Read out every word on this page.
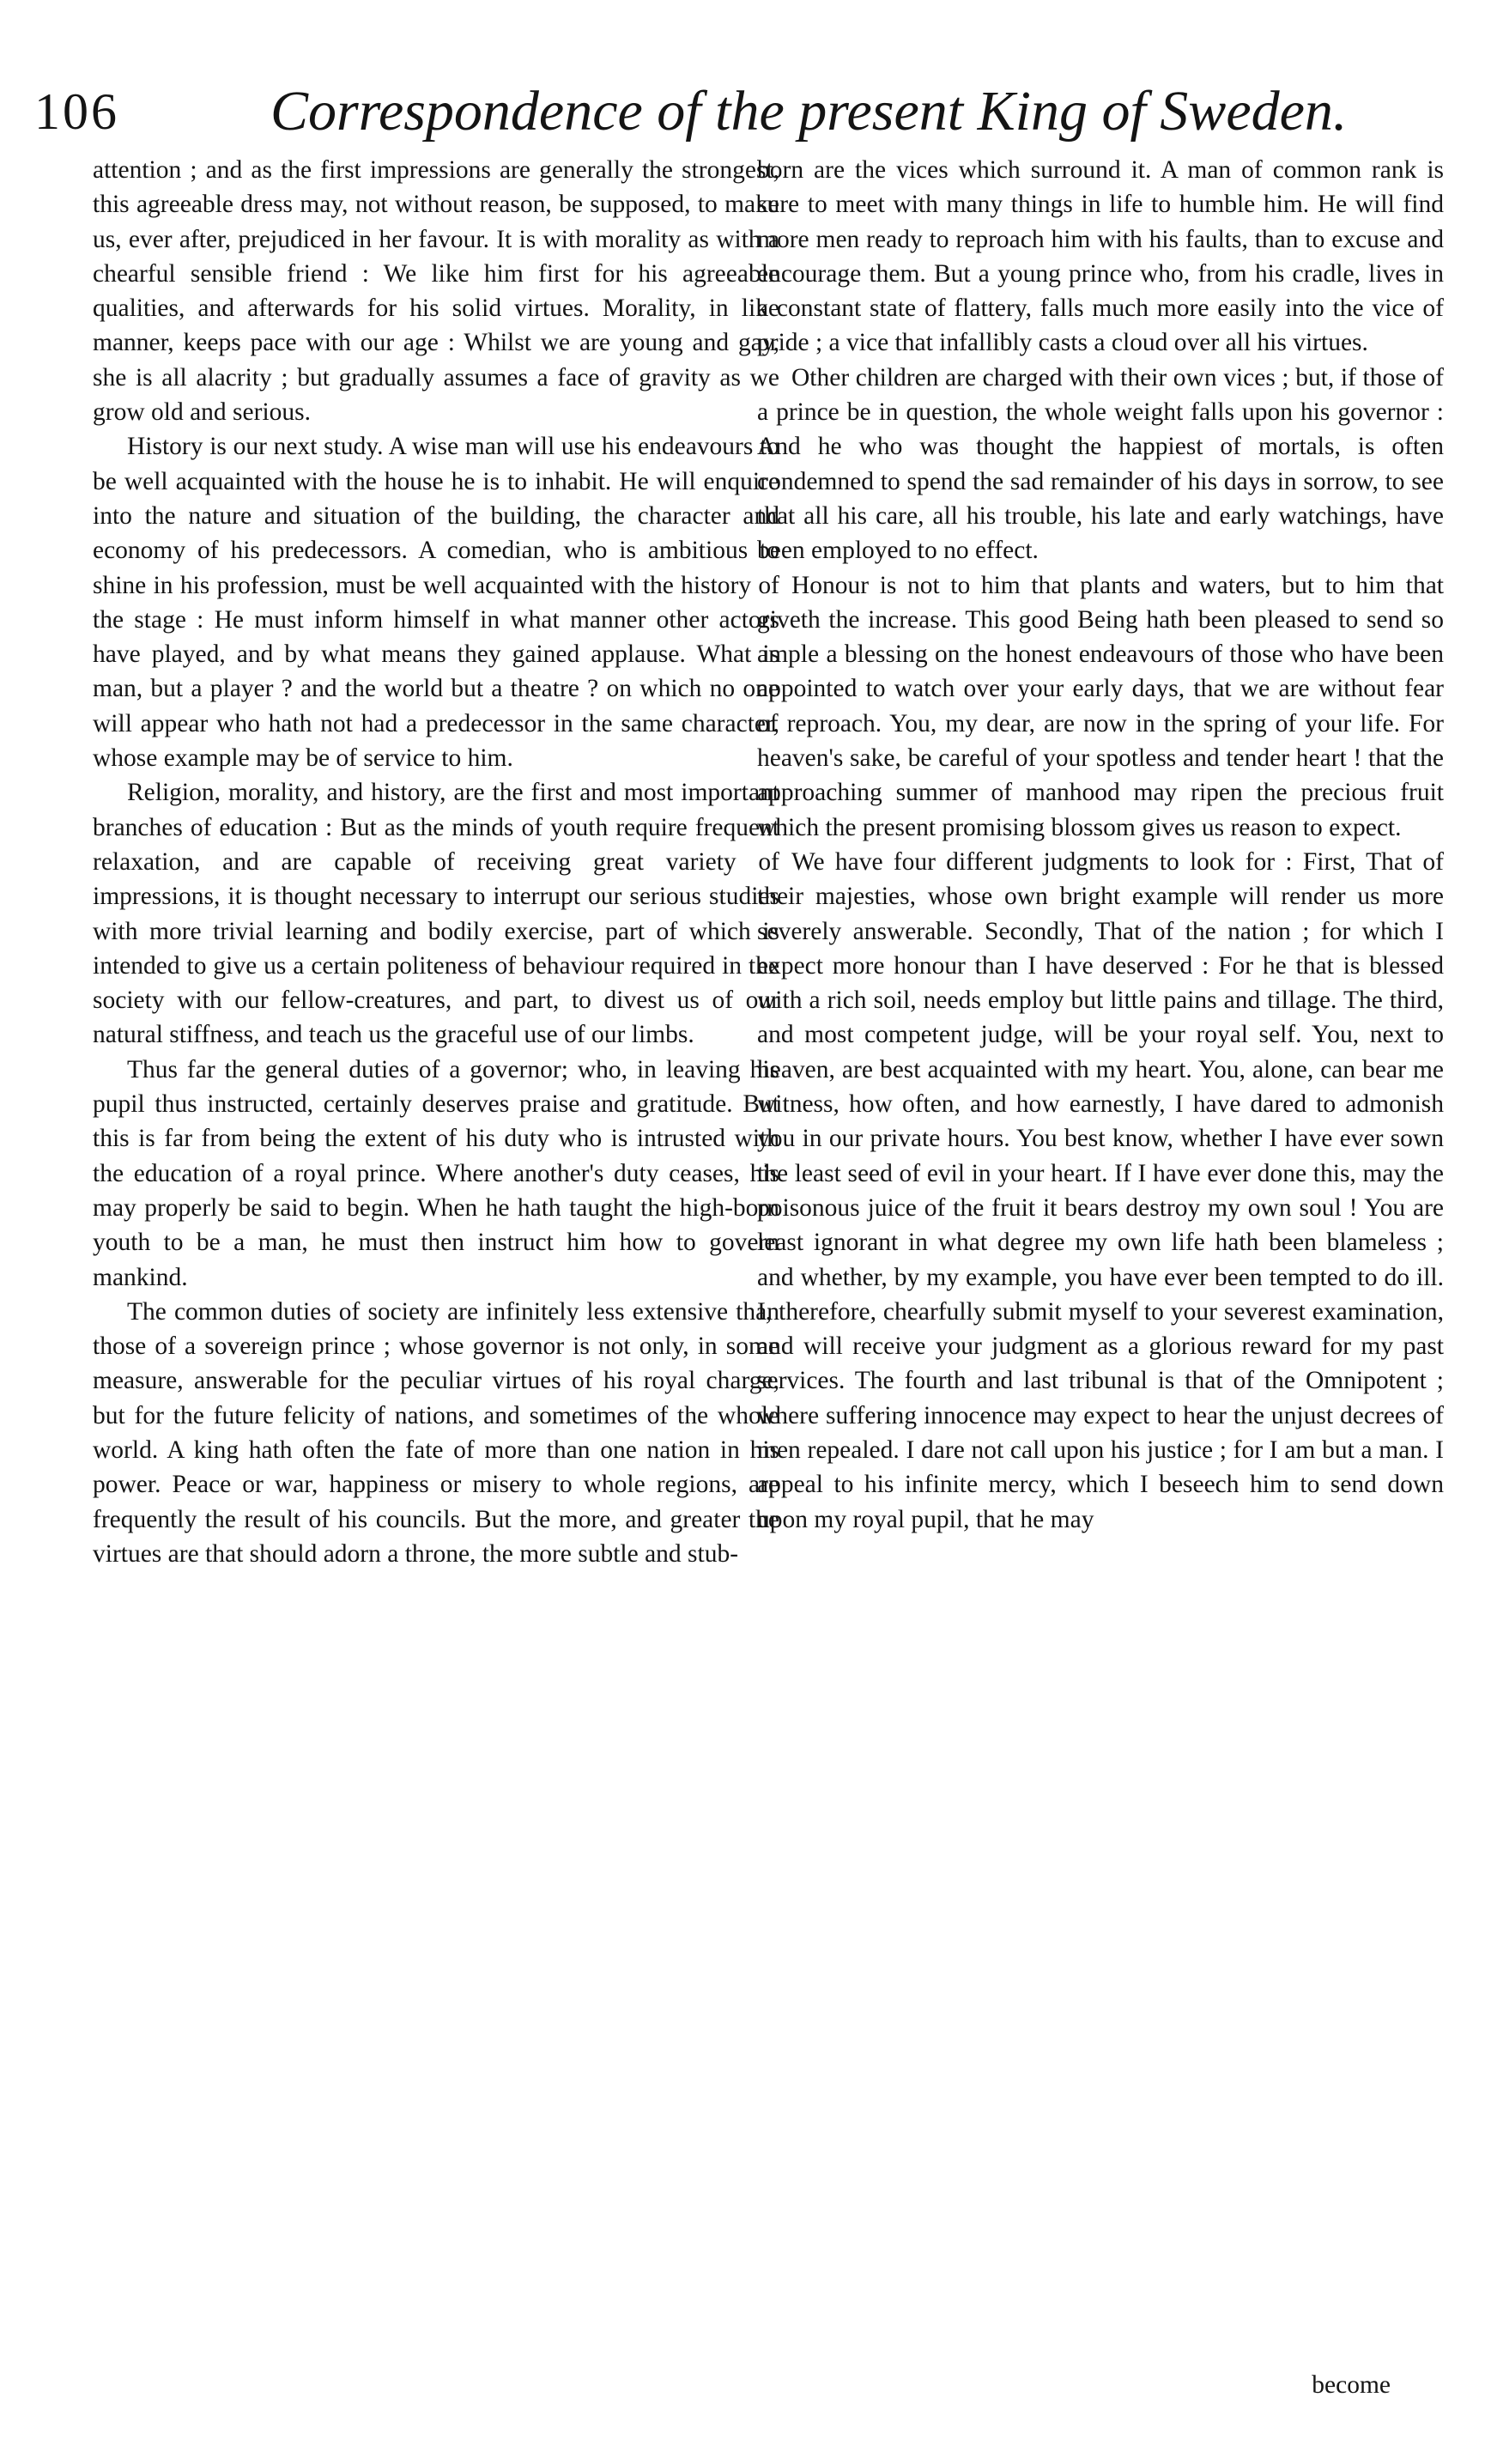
106	Correspondence of the present King of Sweden.

attention ; and as the first impressions are generally the strongest, this agreeable dress may, not without reason, be supposed, to make us, ever after, prejudiced in her favour. It is with morality as with a chearful sensible friend : We like him first for his agreeable qualities, and afterwards for his solid virtues. Morality, in like manner, keeps pace with our age : Whilst we are young and gay, she is all alacrity ; but gradually assumes a face of gravity as we grow old and serious.

History is our next study. A wise man will use his endeavours to be well acquainted with the house he is to inhabit. He will enquire into the nature and situation of the building, the character and economy of his predecessors. A comedian, who is ambitious to shine in his profession, must be well acquainted with the history of the stage : He must inform himself in what manner other actors have played, and by what means they gained applause. What is man, but a player ? and the world but a theatre ? on which no one will appear who hath not had a predecessor in the same character, whose example may be of service to him.

Religion, morality, and history, are the first and most important branches of education : But as the minds of youth require frequent relaxation, and are capable of receiving great variety of impressions, it is thought necessary to interrupt our serious studies with more trivial learning and bodily exercise, part of which is intended to give us a certain politeness of behaviour required in the society with our fellow-creatures, and part, to divest us of our natural stiffness, and teach us the graceful use of our limbs.

Thus far the general duties of a governor; who, in leaving his pupil thus instructed, certainly deserves praise and gratitude. But this is far from being the extent of his duty who is intrusted with the education of a royal prince. Where another's duty ceases, his may properly be said to begin. When he hath taught the high-born youth to be a man, he must then instruct him how to govern mankind.

The common duties of society are infinitely less extensive than those of a sovereign prince ; whose governor is not only, in some measure, answerable for the peculiar virtues of his royal charge, but for the future felicity of nations, and sometimes of the whole world. A king hath often the fate of more than one nation in his power. Peace or war, happiness or misery to whole regions, are frequently the result of his councils. But the more, and greater the virtues are that should adorn a throne, the more subtle and stub-

born are the vices which surround it. A man of common rank is sure to meet with many things in life to humble him. He will find more men ready to reproach him with his faults, than to excuse and encourage them. But a young prince who, from his cradle, lives in a constant state of flattery, falls much more easily into the vice of pride ; a vice that infallibly casts a cloud over all his virtues.

Other children are charged with their own vices ; but, if those of a prince be in question, the whole weight falls upon his governor : And he who was thought the happiest of mortals, is often condemned to spend the sad remainder of his days in sorrow, to see that all his care, all his trouble, his late and early watchings, have been employed to no effect.

Honour is not to him that plants and waters, but to him that giveth the increase. This good Being hath been pleased to send so ample a blessing on the honest endeavours of those who have been appointed to watch over your early days, that we are without fear of reproach. You, my dear, are now in the spring of your life. For heaven's sake, be careful of your spotless and tender heart ! that the approaching summer of manhood may ripen the precious fruit which the present promising blossom gives us reason to expect.

We have four different judgments to look for : First, That of their majesties, whose own bright example will render us more severely answerable. Secondly, That of the nation ; for which I expect more honour than I have deserved : For he that is blessed with a rich soil, needs employ but little pains and tillage. The third, and most competent judge, will be your royal self. You, next to heaven, are best acquainted with my heart. You, alone, can bear me witness, how often, and how earnestly, I have dared to admonish you in our private hours. You best know, whether I have ever sown the least seed of evil in your heart. If I have ever done this, may the poisonous juice of the fruit it bears destroy my own soul ! You are least ignorant in what degree my own life hath been blameless ; and whether, by my example, you have ever been tempted to do ill. I, therefore, chearfully submit myself to your severest examination, and will receive your judgment as a glorious reward for my past services. The fourth and last tribunal is that of the Omnipotent ; where suffering innocence may expect to hear the unjust decrees of men repealed. I dare not call upon his justice ; for I am but a man. I appeal to his infinite mercy, which I beseech him to send down upon my royal pupil, that he may

become
